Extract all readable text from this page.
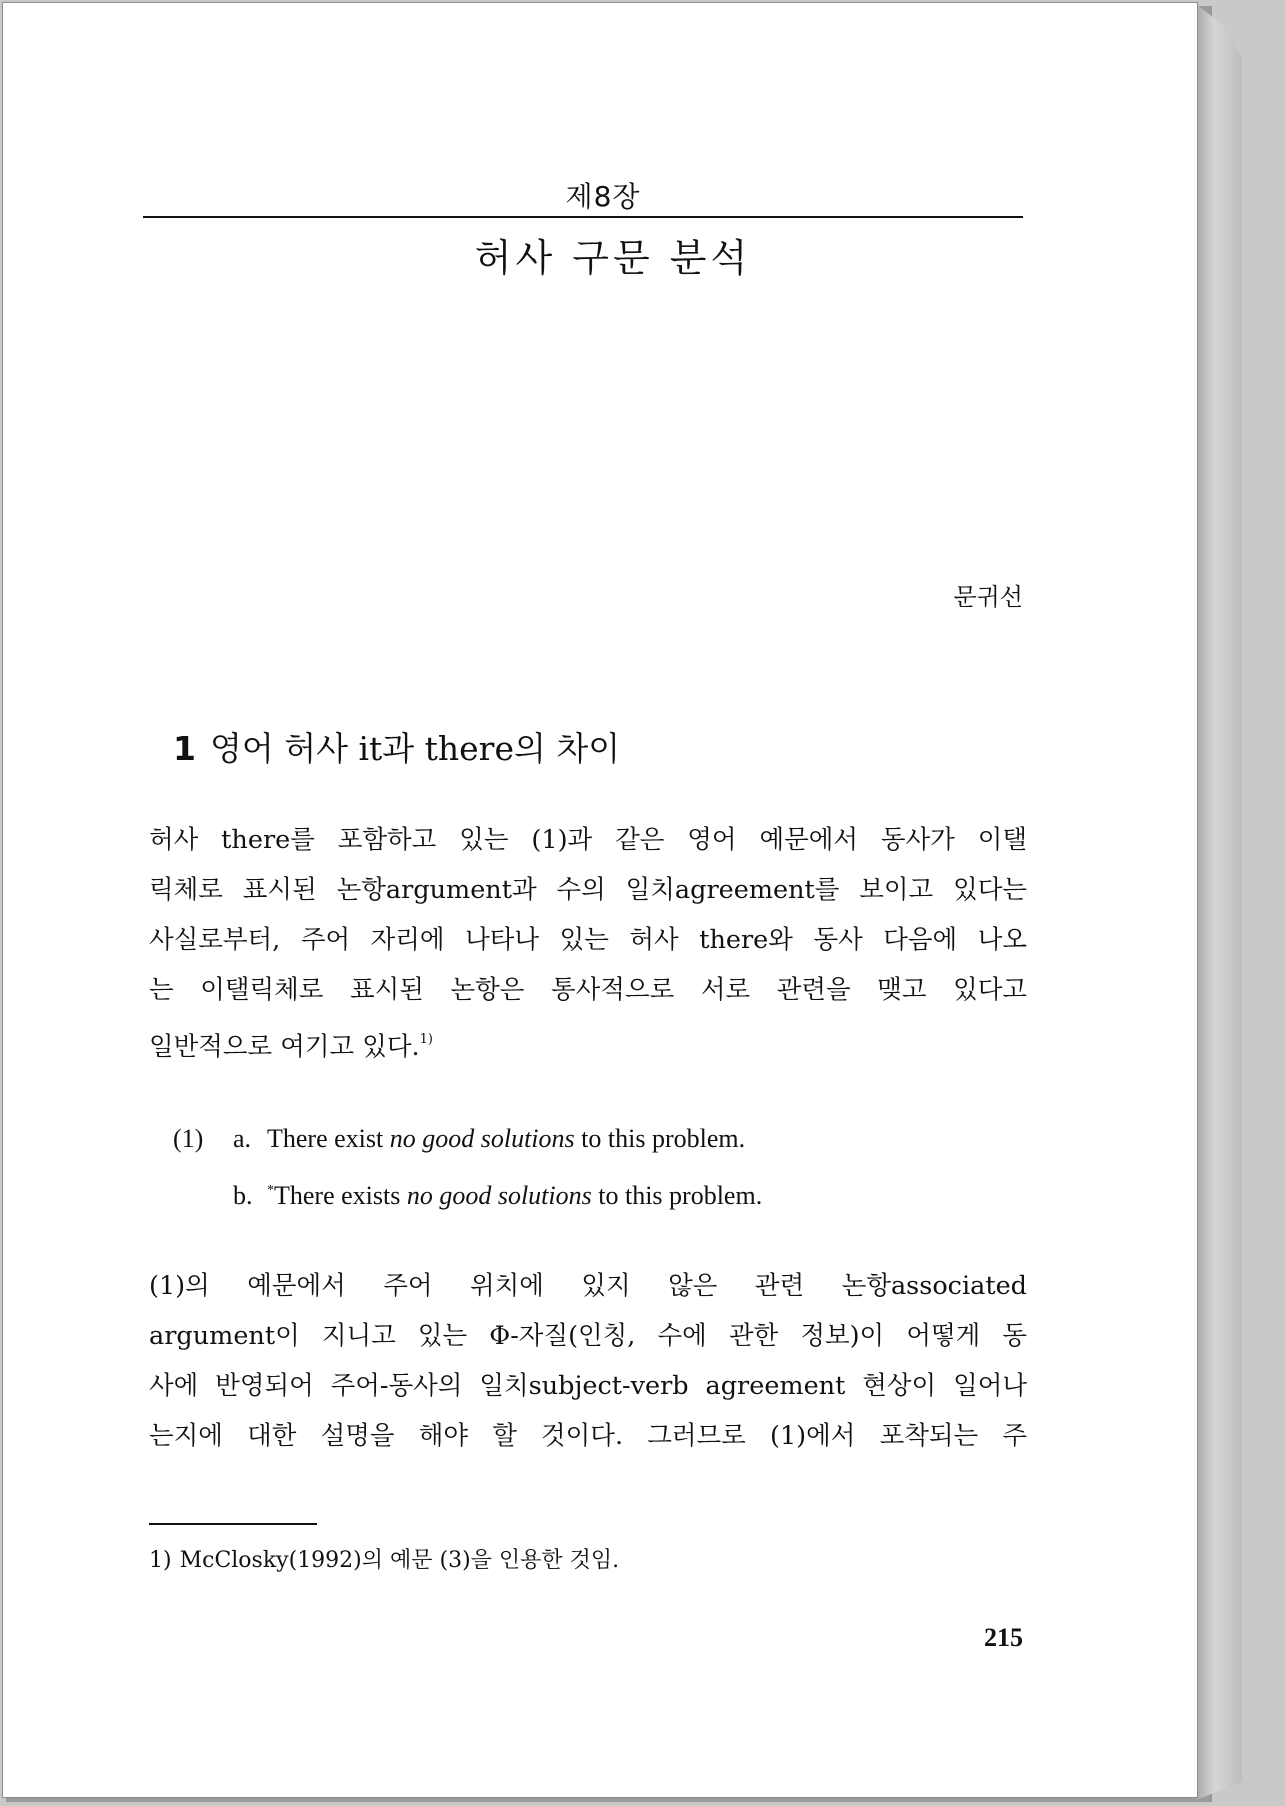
제8장
허사 구문 분석
문귀선
1 영어 허사 it과 there의 차이
허사 there를 포함하고 있는 (1)과 같은 영어 예문에서 동사가 이탤
릭체로 표시된 논항argument과 수의 일치agreement를 보이고 있다는
사실로부터, 주어 자리에 나타나 있는 허사 there와 동사 다음에 나오
는 이탤릭체로 표시된 논항은 통사적으로 서로 관련을 맺고 있다고
일반적으로 여기고 있다.$^{1)}$
(1) a. There exist no good solutions to this problem.
b. *There exists no good solutions to this problem.
(1)의 예문에서 주어 위치에 있지 않은 관련 논항associated
argument이 지니고 있는 Φ-자질(인칭, 수에 관한 정보)이 어떻게 동
사에 반영되어 주어-동사의 일치subject-verb agreement 현상이 일어나
는지에 대한 설명을 해야 할 것이다. 그러므로 (1)에서 포착되는 주
1) McClosky(1992)의 예문 (3)을 인용한 것임.
215
